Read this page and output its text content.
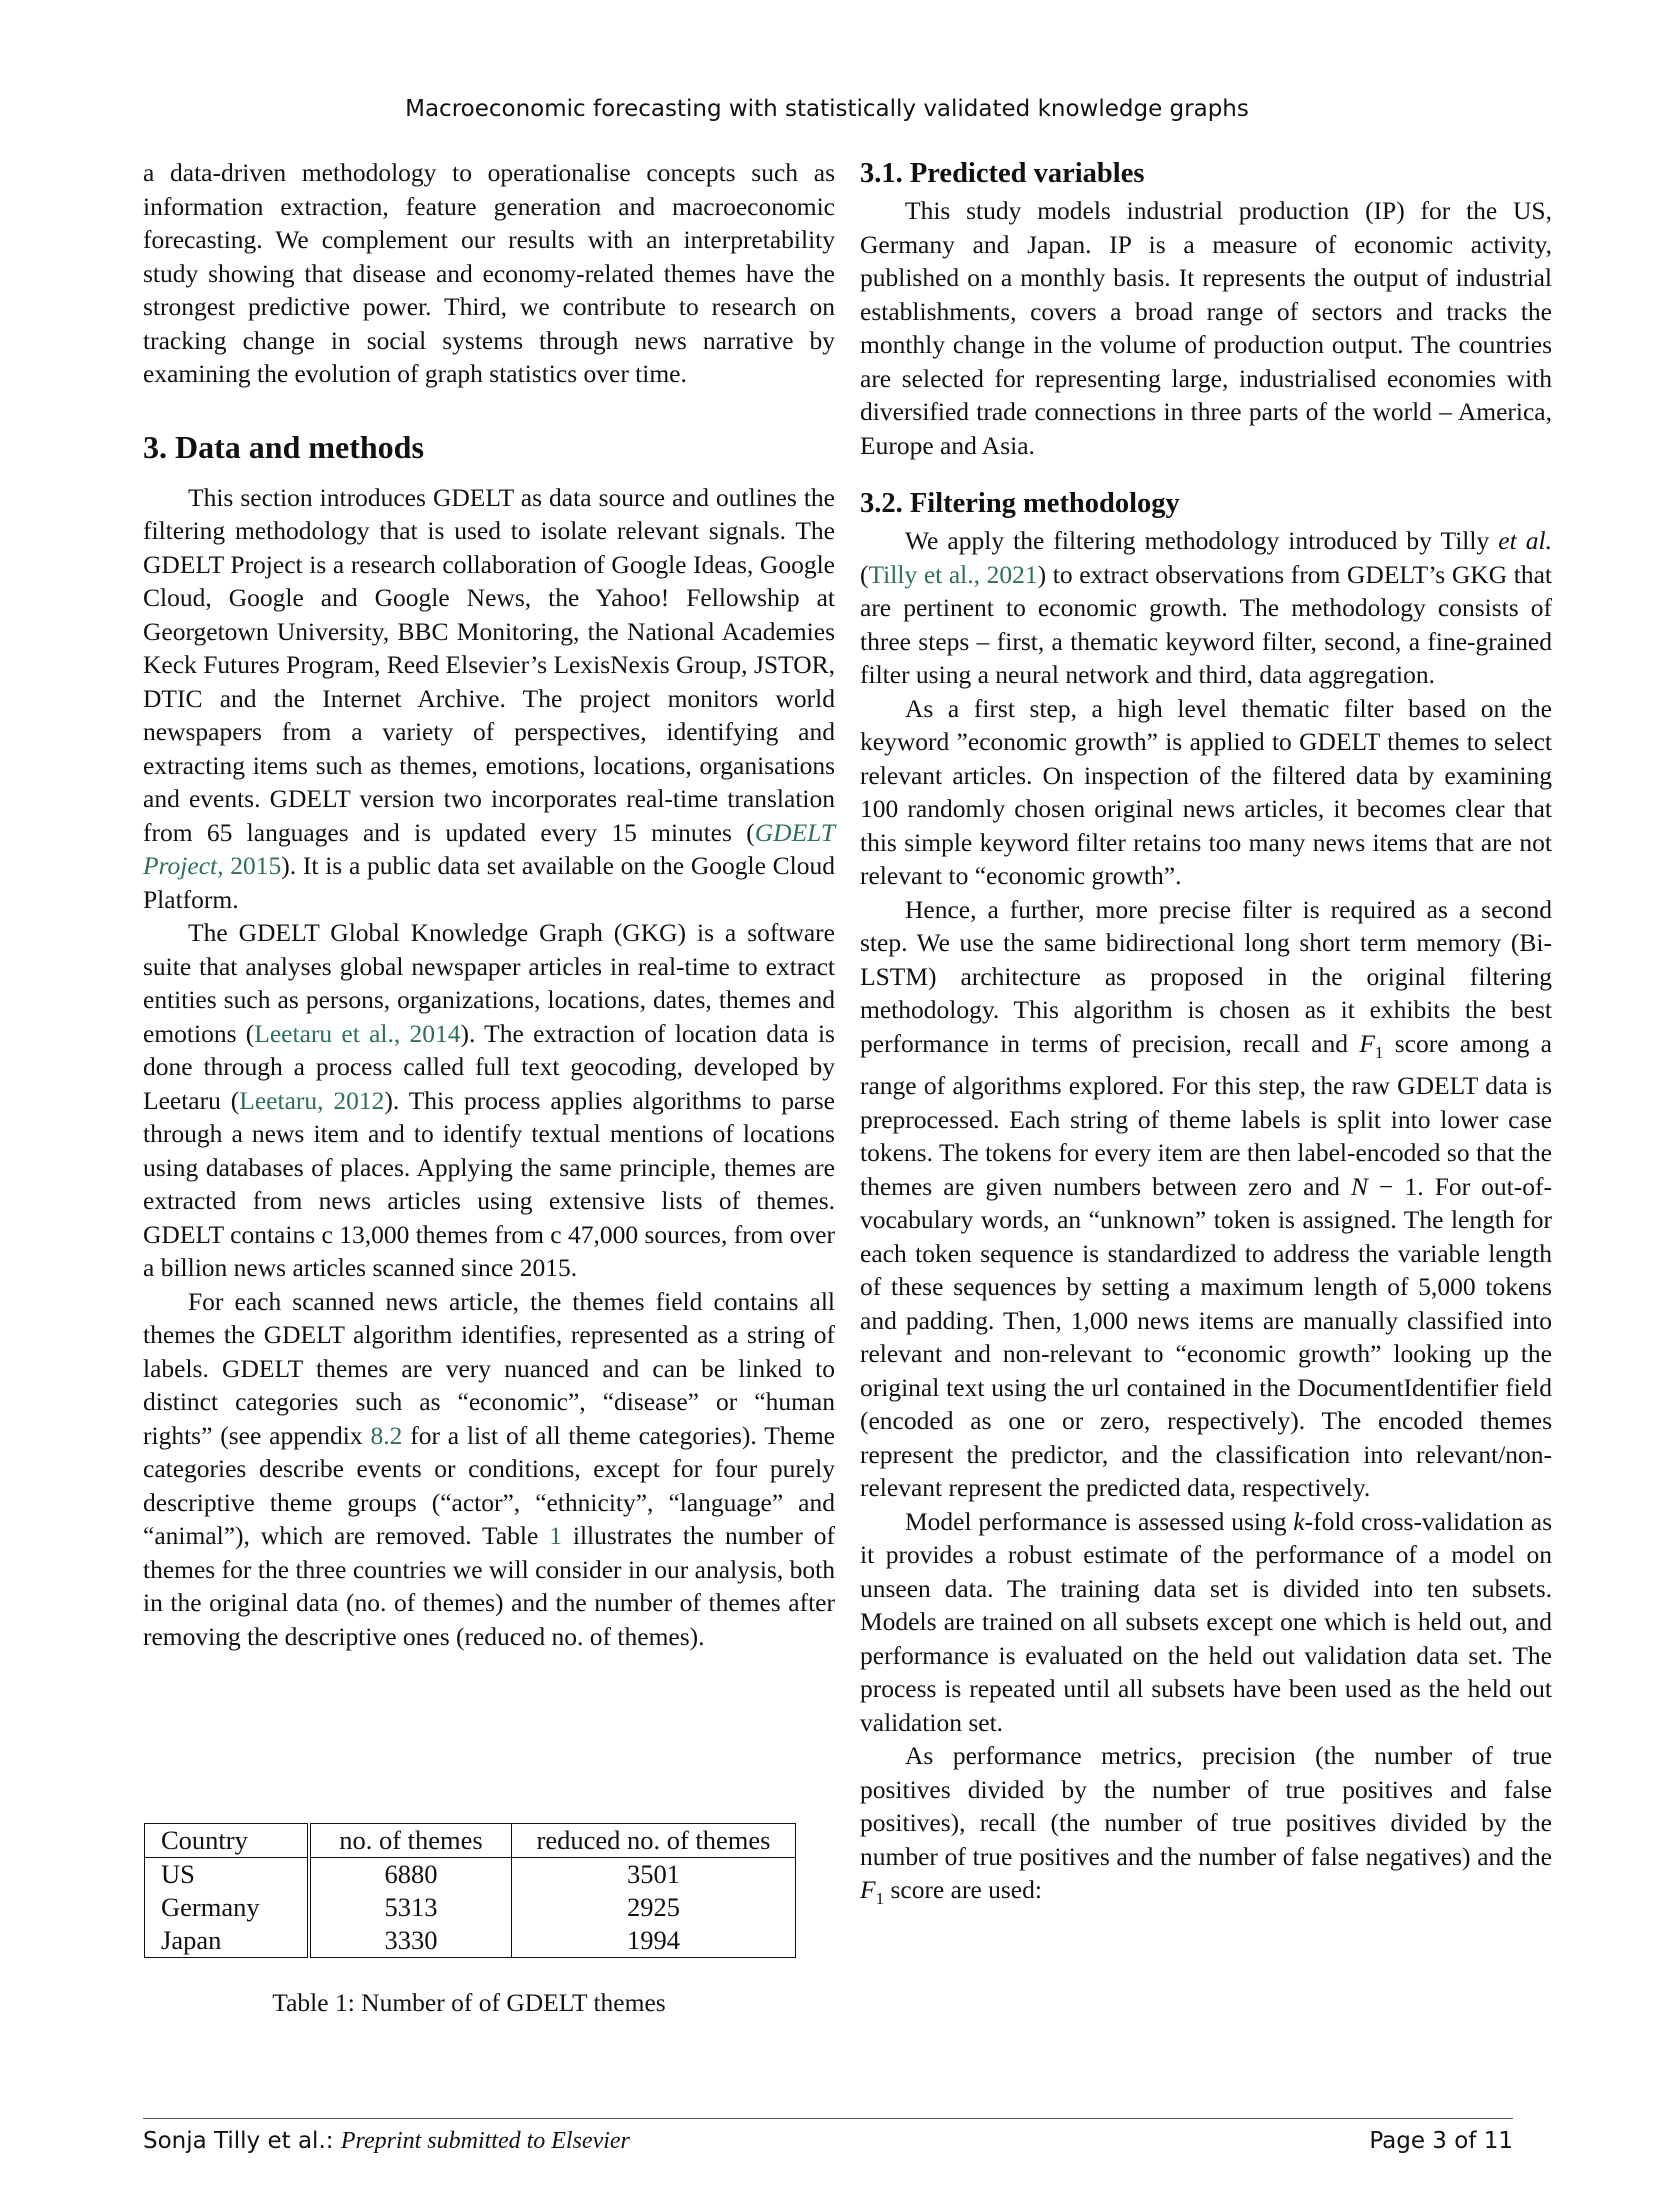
Macroeconomic forecasting with statistically validated knowledge graphs

a data-driven methodology to operationalise concepts such as information extraction, feature generation and macroeconomic forecasting. We complement our results with an interpretability study showing that disease and economy-related themes have the strongest predictive power. Third, we contribute to research on tracking change in social systems through news narrative by examining the evolution of graph statistics over time.

3. Data and methods

This section introduces GDELT as data source and outlines the filtering methodology that is used to isolate relevant signals. The GDELT Project is a research collaboration of Google Ideas, Google Cloud, Google and Google News, the Yahoo! Fellowship at Georgetown University, BBC Monitoring, the National Academies Keck Futures Program, Reed Elsevier’s LexisNexis Group, JSTOR, DTIC and the Internet Archive. The project monitors world newspapers from a variety of perspectives, identifying and extracting items such as themes, emotions, locations, organisations and events. GDELT version two incorporates real-time translation from 65 languages and is updated every 15 minutes (GDELT Project, 2015). It is a public data set available on the Google Cloud Platform.

The GDELT Global Knowledge Graph (GKG) is a software suite that analyses global newspaper articles in real-time to extract entities such as persons, organizations, locations, dates, themes and emotions (Leetaru et al., 2014). The extraction of location data is done through a process called full text geocoding, developed by Leetaru (Leetaru, 2012). This process applies algorithms to parse through a news item and to identify textual mentions of locations using databases of places. Applying the same principle, themes are extracted from news articles using extensive lists of themes. GDELT contains c 13,000 themes from c 47,000 sources, from over a billion news articles scanned since 2015.

For each scanned news article, the themes field contains all themes the GDELT algorithm identifies, represented as a string of labels. GDELT themes are very nuanced and can be linked to distinct categories such as “economic”, “disease” or “human rights” (see appendix 8.2 for a list of all theme categories). Theme categories describe events or conditions, except for four purely descriptive theme groups (“actor”, “ethnicity”, “language” and “animal”), which are removed. Table 1 illustrates the number of themes for the three countries we will consider in our analysis, both in the original data (no. of themes) and the number of themes after removing the descriptive ones (reduced no. of themes).

Country	no. of themes	reduced no. of themes
US	6880	3501
Germany	5313	2925
Japan	3330	1994
Table 1: Number of of GDELT themes
3.1. Predicted variables

This study models industrial production (IP) for the US, Germany and Japan. IP is a measure of economic activity, published on a monthly basis. It represents the output of industrial establishments, covers a broad range of sectors and tracks the monthly change in the volume of production output. The countries are selected for representing large, industrialised economies with diversified trade connections in three parts of the world – America, Europe and Asia.

3.2. Filtering methodology

We apply the filtering methodology introduced by Tilly et al. (Tilly et al., 2021) to extract observations from GDELT’s GKG that are pertinent to economic growth. The methodology consists of three steps – first, a thematic keyword filter, second, a fine-grained filter using a neural network and third, data aggregation.

As a first step, a high level thematic filter based on the keyword ”economic growth” is applied to GDELT themes to select relevant articles. On inspection of the filtered data by examining 100 randomly chosen original news articles, it becomes clear that this simple keyword filter retains too many news items that are not relevant to “economic growth”.

Hence, a further, more precise filter is required as a second step. We use the same bidirectional long short term memory (Bi-LSTM) architecture as proposed in the original filtering methodology. This algorithm is chosen as it exhibits the best performance in terms of precision, recall and $F_1$ score among a range of algorithms explored. For this step, the raw GDELT data is preprocessed. Each string of theme labels is split into lower case tokens. The tokens for every item are then label-encoded so that the themes are given numbers between zero and N − 1. For out-of-vocabulary words, an “unknown” token is assigned. The length for each token sequence is standardized to address the variable length of these sequences by setting a maximum length of 5,000 tokens and padding. Then, 1,000 news items are manually classified into relevant and non-relevant to “economic growth” looking up the original text using the url contained in the DocumentIdentifier field (encoded as one or zero, respectively). The encoded themes represent the predictor, and the classification into relevant/non-relevant represent the predicted data, respectively.

Model performance is assessed using k-fold cross-validation as it provides a robust estimate of the performance of a model on unseen data. The training data set is divided into ten subsets. Models are trained on all subsets except one which is held out, and performance is evaluated on the held out validation data set. The process is repeated until all subsets have been used as the held out validation set.

As performance metrics, precision (the number of true positives divided by the number of true positives and false positives), recall (the number of true positives divided by the number of true positives and the number of false negatives) and the $F_1$ score are used:

Sonja Tilly et al.: Preprint submitted to Elsevier	Page 3 of 11
